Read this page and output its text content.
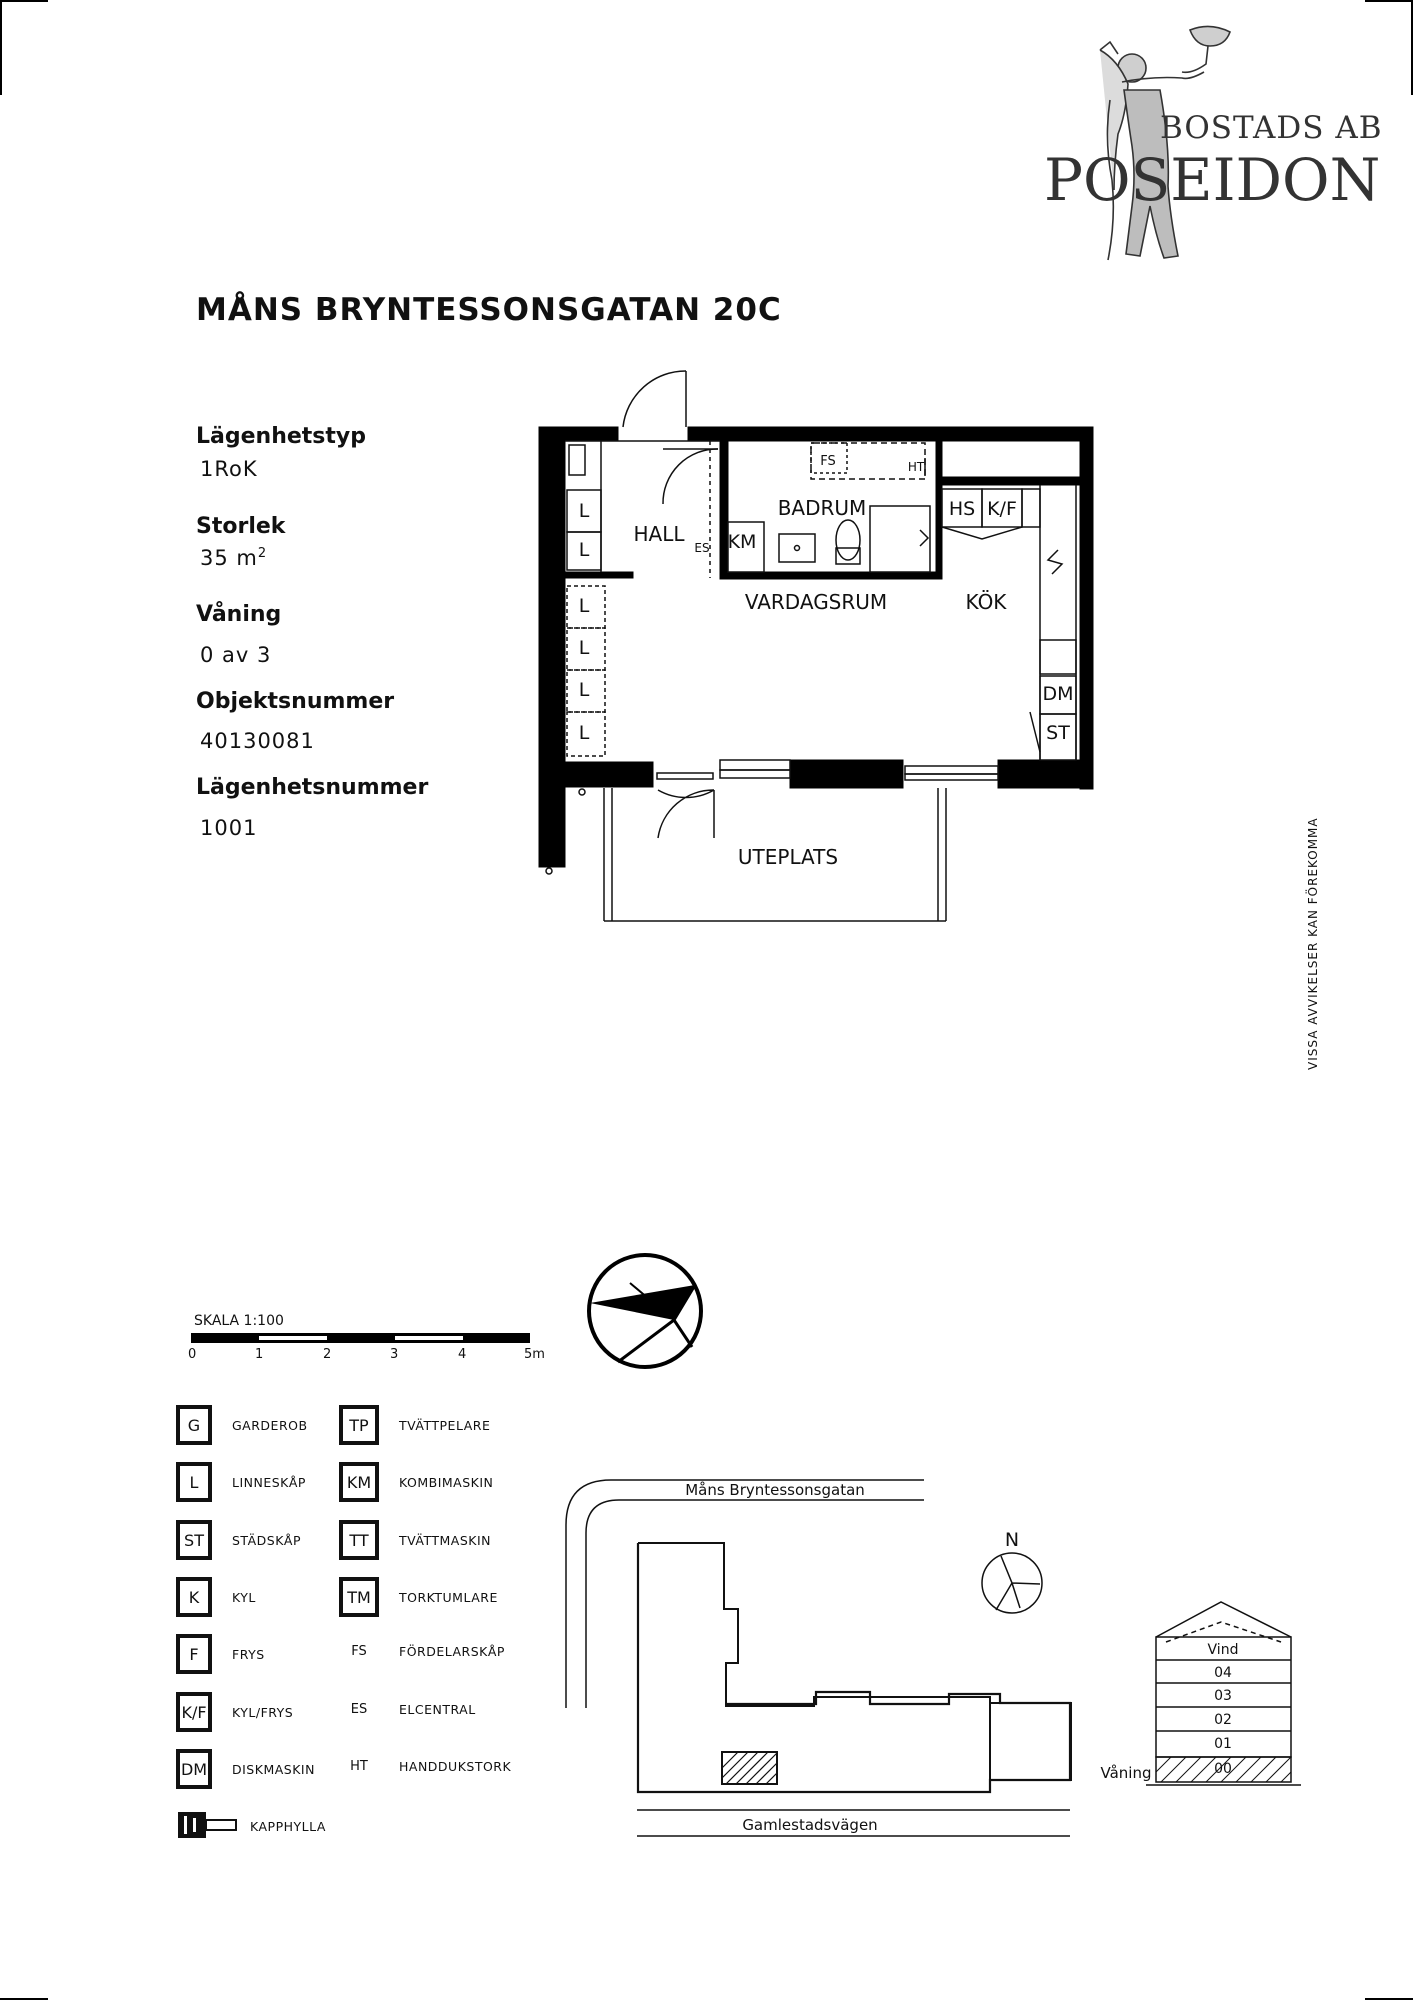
BOSTADS AB
POSEIDON
MÅNS BRYNTESSONSGATAN 20C
Lägenhetstyp
1RoK
Storlek
35 $m^2$
Våning
0 av 3
Objektsnummer
40130081
Lägenhetsnummer
1001
HALL
BADRUM
VARDAGSRUM	KÖK
UTEPLATS
L
L
L
L
L
L
KM
ES
FS	HT
HS K/F
DM
ST
Måns Bryntessonsgatan
Gamlestadsvägen
N
Vind
04
03
02
01
00
Våning
SKALA 1:100
0	1	2	3	4	5m
G	GARDEROB
L	LINNESKÅP
ST	STÄDSKÅP
K	KYL
F	FRYS
K/F	KYL/FRYS
DM	DISKMASKIN
KAPPHYLLA
TP	TVÄTTPELARE
KM	KOMBIMASKIN
TT	TVÄTTMASKIN
TM	TORKTUMLARE
FS	FÖRDELARSKÅP
ES	ELCENTRAL
HT	HANDDUKSTORK
VISSA AVVIKELSER KAN FÖREKOMMA
